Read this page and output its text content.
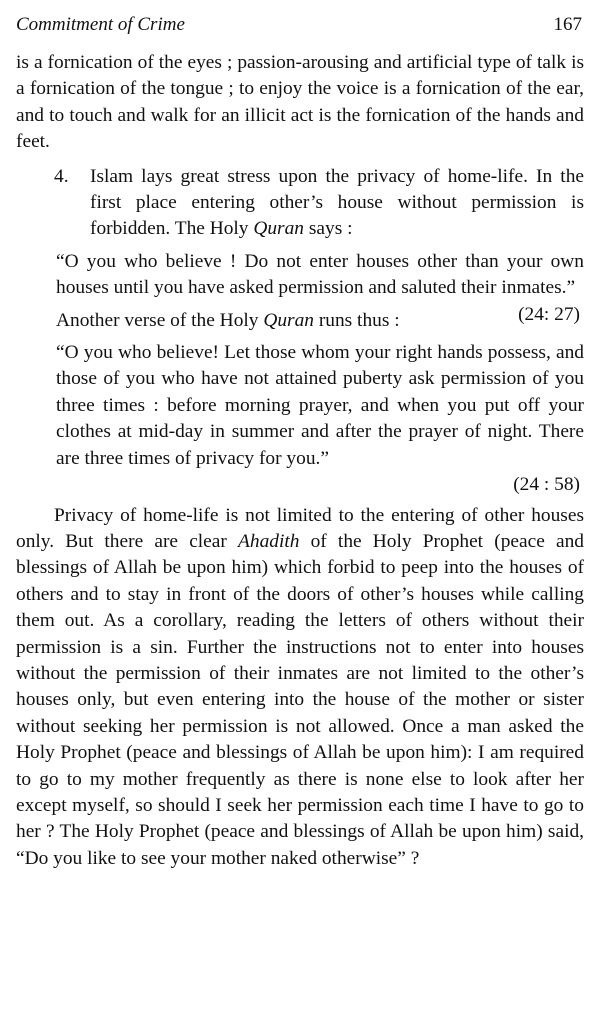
Commitment of Crime	167

is a fornication of the eyes ; passion-arousing and artificial type of talk is a fornication of the tongue ; to enjoy the voice is a fornication of the ear, and to touch and walk for an illicit act is the fornication of the hands and feet.

4.	Islam lays great stress upon the privacy of home-life. In the first place entering other’s house without permission is forbidden. The Holy Quran says :

“O you who believe ! Do not enter houses other than your own houses until you have asked permission and saluted their inmates.”
(24: 27)

Another verse of the Holy Quran runs thus :

“O you who believe! Let those whom your right hands possess, and those of you who have not attained puberty ask permission of you three times : before morning prayer, and when you put off your clothes at mid-day in summer and after the prayer of night. There are three times of privacy for you.”

(24 : 58)

Privacy of home-life is not limited to the entering of other houses only. But there are clear Ahadith of the Holy Prophet (peace and blessings of Allah be upon him) which forbid to peep into the houses of others and to stay in front of the doors of other’s houses while calling them out. As a corollary, reading the letters of others without their permission is a sin. Further the instructions not to enter into houses without the permission of their inmates are not limited to the other’s houses only, but even entering into the house of the mother or sister without seeking her permission is not allowed. Once a man asked the Holy Prophet (peace and blessings of Allah be upon him): I am required to go to my mother frequently as there is none else to look after her except myself, so should I seek her permission each time I have to go to her ? The Holy Prophet (peace and blessings of Allah be upon him) said, “Do you like to see your mother naked otherwise” ?
